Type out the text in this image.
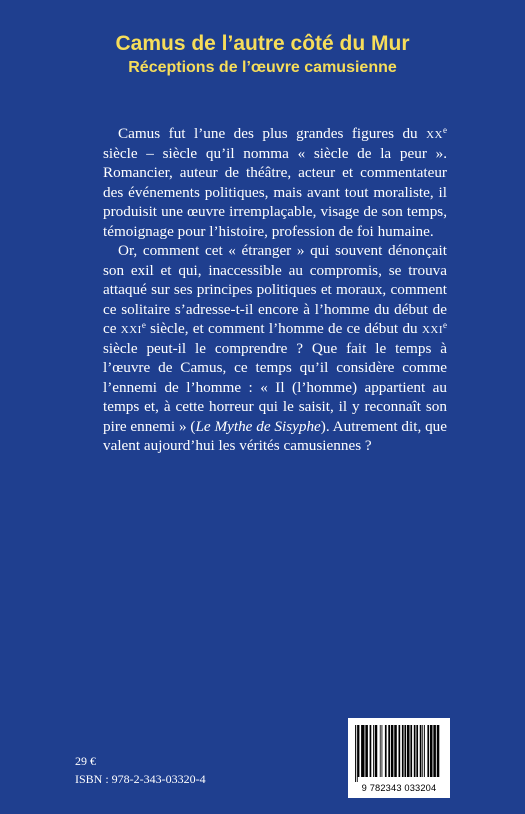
Camus de l’autre côté du Mur
Réceptions de l’œuvre camusienne

Camus fut l’une des plus grandes figures du $xx^e$ siècle – siècle qu’il nomma « siècle de la peur ». Romancier, auteur de théâtre, acteur et commentateur des événements politiques, mais avant tout moraliste, il produisit une œuvre irremplaçable, visage de son temps, témoignage pour l’histoire, profession de foi humaine.

Or, comment cet « étranger » qui souvent dénonçait son exil et qui, inaccessible au compromis, se trouva attaqué sur ses principes politiques et moraux, comment ce solitaire s’adresse-t-il encore à l’homme du début de ce xxi$^e$ siècle, et comment l’homme de ce début du xxi$^e$ siècle peut-il le comprendre ? Que fait le temps à l’œuvre de Camus, ce temps qu’il considère comme l’ennemi de l’homme : « Il (l’homme) appartient au temps et, à cette horreur qui le saisit, il y reconnaît son pire ennemi » (Le Mythe de Sisyphe). Autrement dit, que valent aujourd’hui les vérités camusiennes ?

29 €
ISBN : 978-2-343-03320-4
9 782343 033204
